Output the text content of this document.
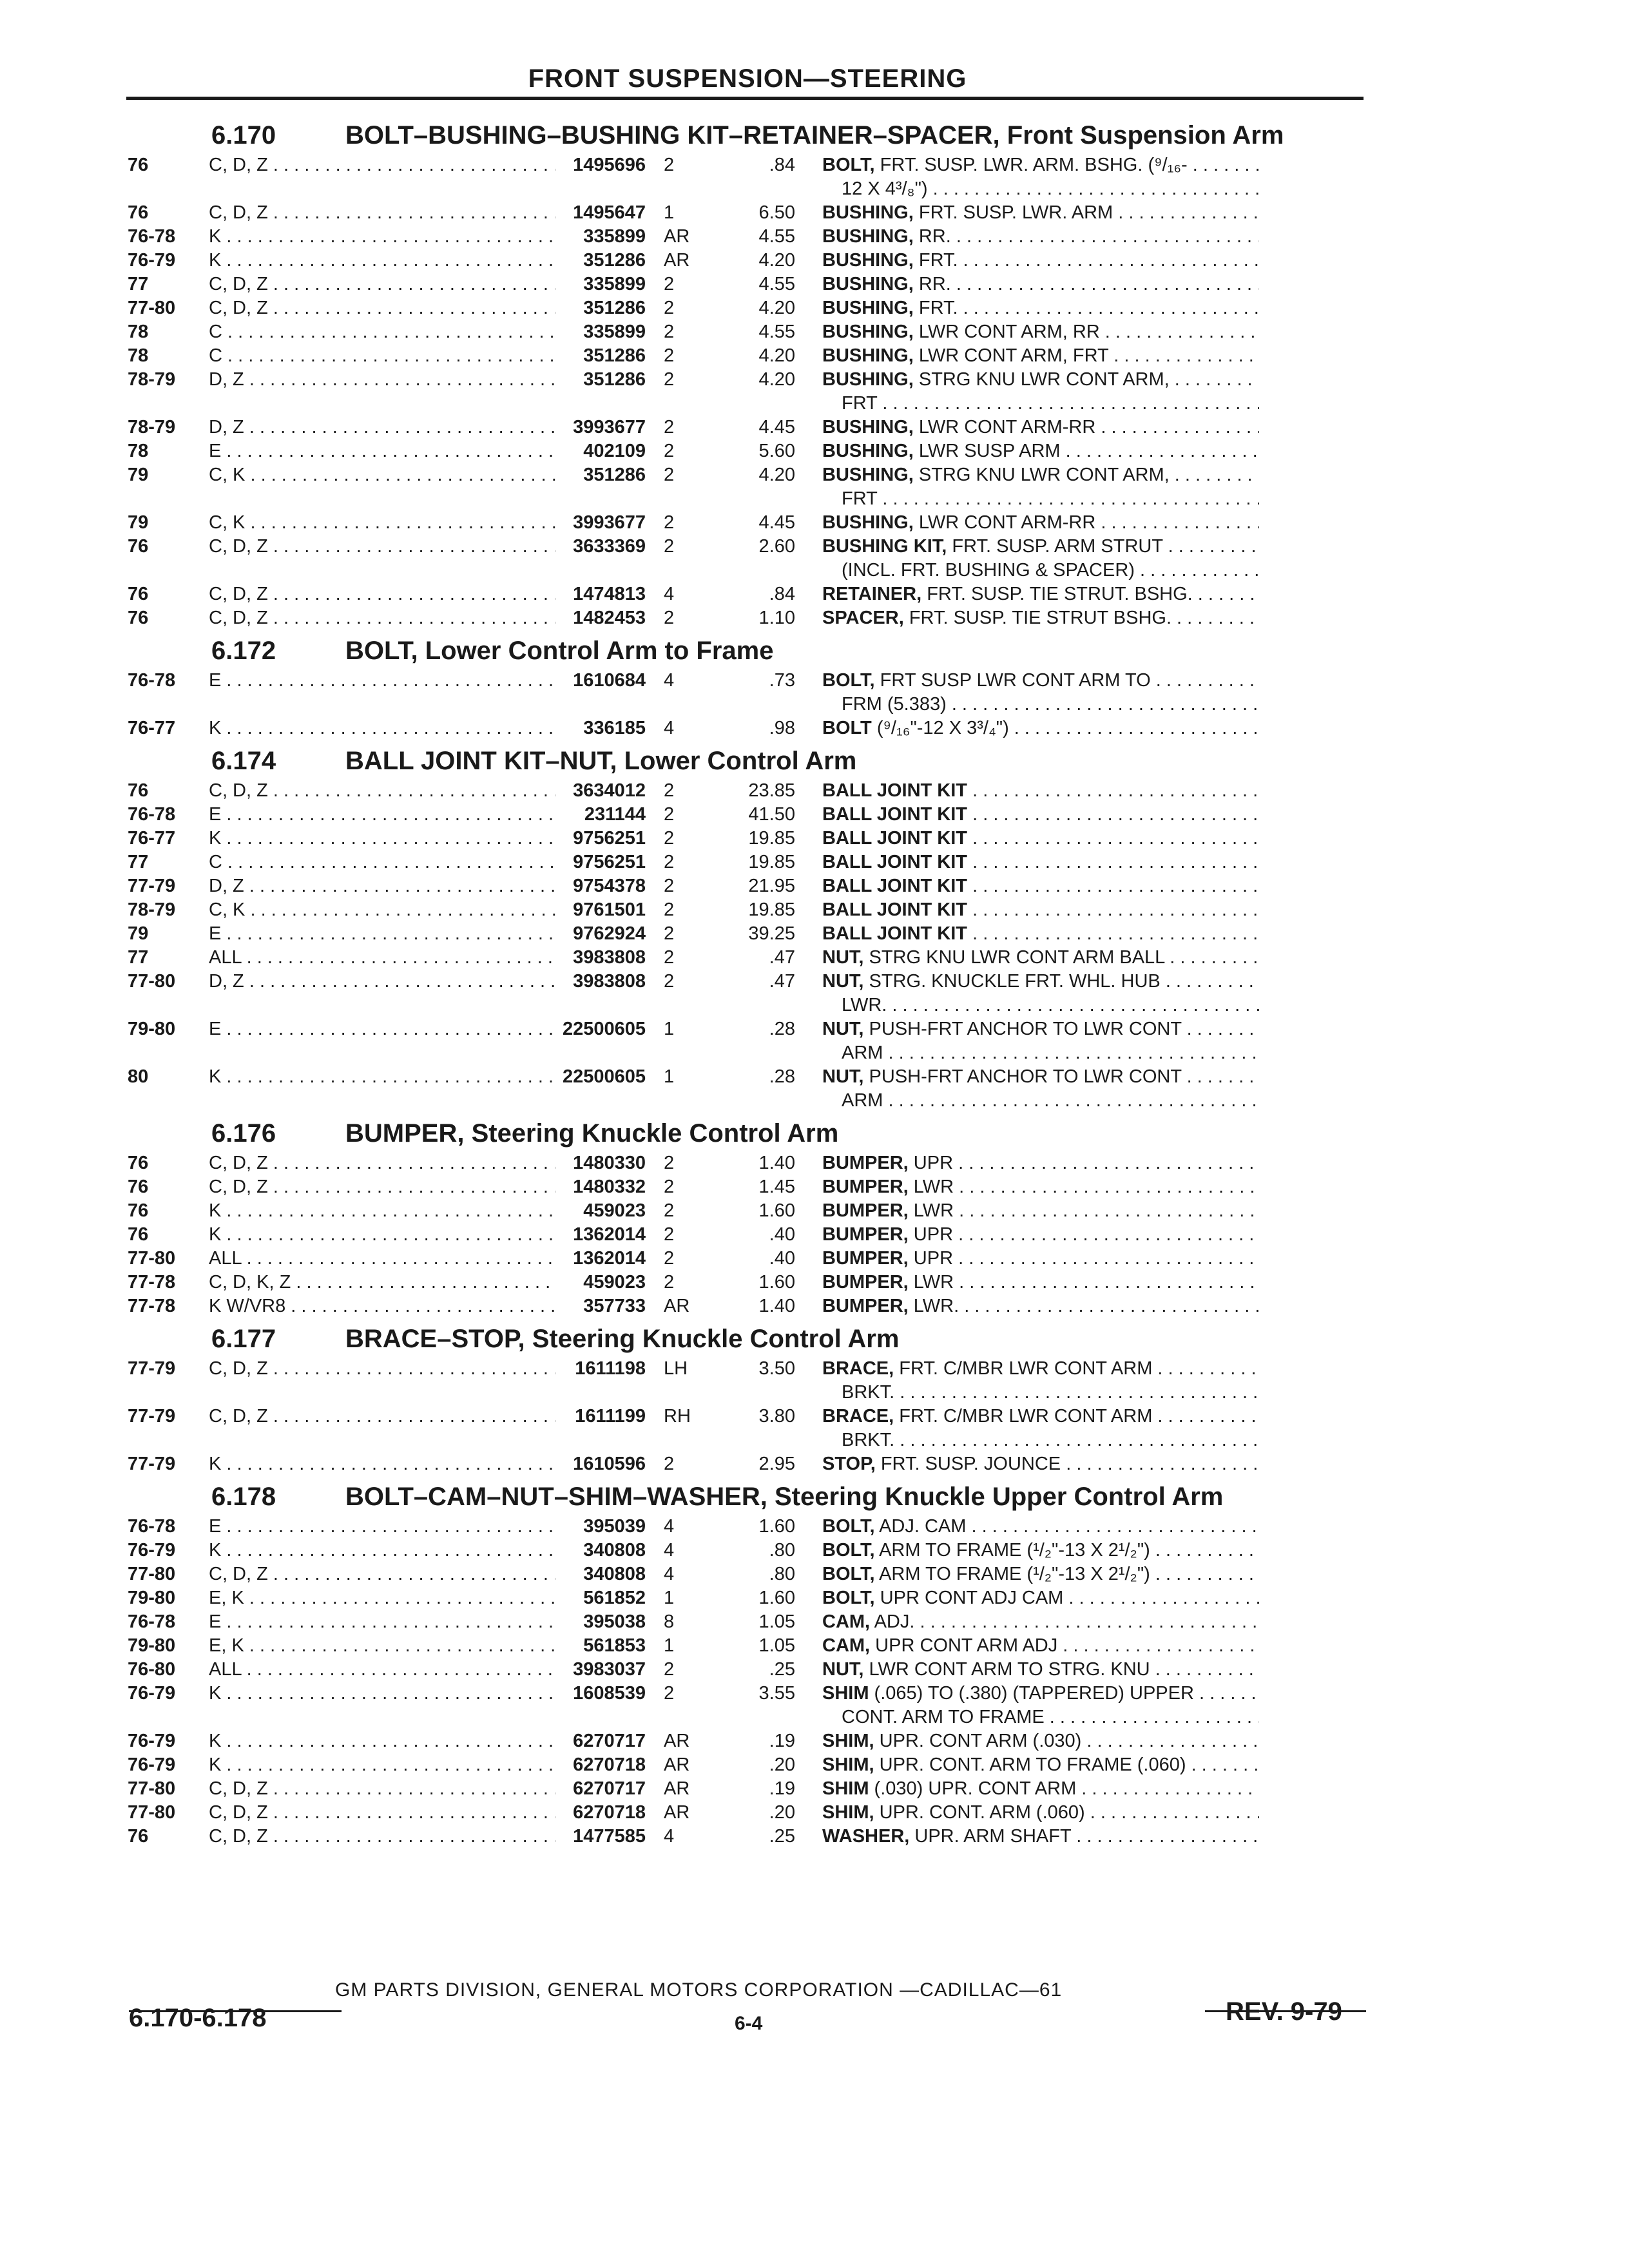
FRONT SUSPENSION—STEERING
6.170	BOLT–BUSHING–BUSHING KIT–RETAINER–SPACER, Front Suspension Arm
76	C, D, Z . . .	1495696 2	.84 BOLT, FRT. SUSP. LWR. ARM. BSHG. (⁹/₁₆- . . .
12 X 4³/₈") . . .
76	C, D, Z . . .	1495647 1	6.50 BUSHING, FRT. SUSP. LWR. ARM . . .
76-78	K . . .	335899 AR	4.55 BUSHING, RR. . . .
76-79	K . . .	351286 AR	4.20 BUSHING, FRT. . . .
77	C, D, Z . . .	335899 2	4.55 BUSHING, RR. . . .
77-80	C, D, Z . . .	351286 2	4.20 BUSHING, FRT. . . .
78	C . . .	335899 2	4.55 BUSHING, LWR CONT ARM, RR . . .
78	C . . .	351286 2	4.20 BUSHING, LWR CONT ARM, FRT . . .
78-79	D, Z . . .	351286 2	4.20 BUSHING, STRG KNU LWR CONT ARM, . . .
FRT . . .
78-79	D, Z . . .	3993677 2	4.45 BUSHING, LWR CONT ARM-RR . . .
78	E . . .	402109 2	5.60 BUSHING, LWR SUSP ARM . . .
79	C, K . . .	351286 2	4.20 BUSHING, STRG KNU LWR CONT ARM, . . .
FRT . . .
79	C, K . . .	3993677 2	4.45 BUSHING, LWR CONT ARM-RR . . .
76	C, D, Z . . .	3633369 2	2.60 BUSHING KIT, FRT. SUSP. ARM STRUT . . .
(INCL. FRT. BUSHING & SPACER) . . .
76	C, D, Z . . .	1474813 4	.84 RETAINER, FRT. SUSP. TIE STRUT. BSHG. . . .
76	C, D, Z . . .	1482453 2	1.10 SPACER, FRT. SUSP. TIE STRUT BSHG. . . .
6.172	BOLT, Lower Control Arm to Frame
76-78	E . . .	1610684 4	.73 BOLT, FRT SUSP LWR CONT ARM TO . . .
FRM (5.383) . . .
76-77	K . . .	336185 4	.98 BOLT (⁹/₁₆"-12 X 3³/₄") . . .
6.174	BALL JOINT KIT–NUT, Lower Control Arm
76	C, D, Z . . .	3634012 2	23.85 BALL JOINT KIT . . .
76-78	E . . .	231144 2	41.50 BALL JOINT KIT . . .
76-77	K . . .	9756251 2	19.85 BALL JOINT KIT . . .
77	C . . .	9756251 2	19.85 BALL JOINT KIT . . .
77-79	D, Z . . .	9754378 2	21.95 BALL JOINT KIT . . .
78-79	C, K . . .	9761501 2	19.85 BALL JOINT KIT . . .
79	E . . .	9762924 2	39.25 BALL JOINT KIT . . .
77	ALL . . .	3983808 2	.47 NUT, STRG KNU LWR CONT ARM BALL . . .
77-80	D, Z . . .	3983808 2	.47 NUT, STRG. KNUCKLE FRT. WHL. HUB . . .
LWR. . . .
79-80	E . . .	22500605 1	.28 NUT, PUSH-FRT ANCHOR TO LWR CONT . . .
ARM . . .
80	K . . .	22500605 1	.28 NUT, PUSH-FRT ANCHOR TO LWR CONT . . .
ARM . . .
6.176	BUMPER, Steering Knuckle Control Arm
76	C, D, Z . . .	1480330 2	1.40 BUMPER, UPR . . .
76	C, D, Z . . .	1480332 2	1.45 BUMPER, LWR . . .
76	K . . .	459023 2	1.60 BUMPER, LWR . . .
76	K . . .	1362014 2	.40 BUMPER, UPR . . .
77-80	ALL . . .	1362014 2	.40 BUMPER, UPR . . .
77-78	C, D, K, Z . . .	459023 2	1.60 BUMPER, LWR . . .
77-78	K W/VR8 . . .	357733 AR	1.40 BUMPER, LWR. . . .
6.177	BRACE–STOP, Steering Knuckle Control Arm
77-79	C, D, Z . . .	1611198 LH	3.50 BRACE, FRT. C/MBR LWR CONT ARM . . .
BRKT. . . .
77-79	C, D, Z . . .	1611199 RH	3.80 BRACE, FRT. C/MBR LWR CONT ARM . . .
BRKT. . . .
77-79	K . . .	1610596 2	2.95 STOP, FRT. SUSP. JOUNCE . . .
6.178	BOLT–CAM–NUT–SHIM–WASHER, Steering Knuckle Upper Control Arm
76-78	E . . .	395039 4	1.60 BOLT, ADJ. CAM . . .
76-79	K . . .	340808 4	.80 BOLT, ARM TO FRAME (¹/₂"-13 X 2¹/₂") . . .
77-80	C, D, Z . . .	340808 4	.80 BOLT, ARM TO FRAME (¹/₂"-13 X 2¹/₂") . . .
79-80	E, K . . .	561852 1	1.60 BOLT, UPR CONT ADJ CAM . . .
76-78	E . . .	395038 8	1.05 CAM, ADJ. . . .
79-80	E, K . . .	561853 1	1.05 CAM, UPR CONT ARM ADJ . . .
76-80	ALL . . .	3983037 2	.25 NUT, LWR CONT ARM TO STRG. KNU . . .
76-79	K . . .	1608539 2	3.55 SHIM (.065) TO (.380) (TAPPERED) UPPER . . .
CONT. ARM TO FRAME . . .
76-79	K . . .	6270717 AR	.19 SHIM, UPR. CONT ARM (.030) . . .
76-79	K . . .	6270718 AR	.20 SHIM, UPR. CONT. ARM TO FRAME (.060) . . .
77-80	C, D, Z . . .	6270717 AR	.19 SHIM (.030) UPR. CONT ARM . . .
77-80	C, D, Z . . .	6270718 AR	.20 SHIM, UPR. CONT. ARM (.060) . . .
76	C, D, Z . . .	1477585 4	.25 WASHER, UPR. ARM SHAFT . . .
GM PARTS DIVISION, GENERAL MOTORS CORPORATION —CADILLAC—61
6.170-6.178	6-4	REV. 9-79
